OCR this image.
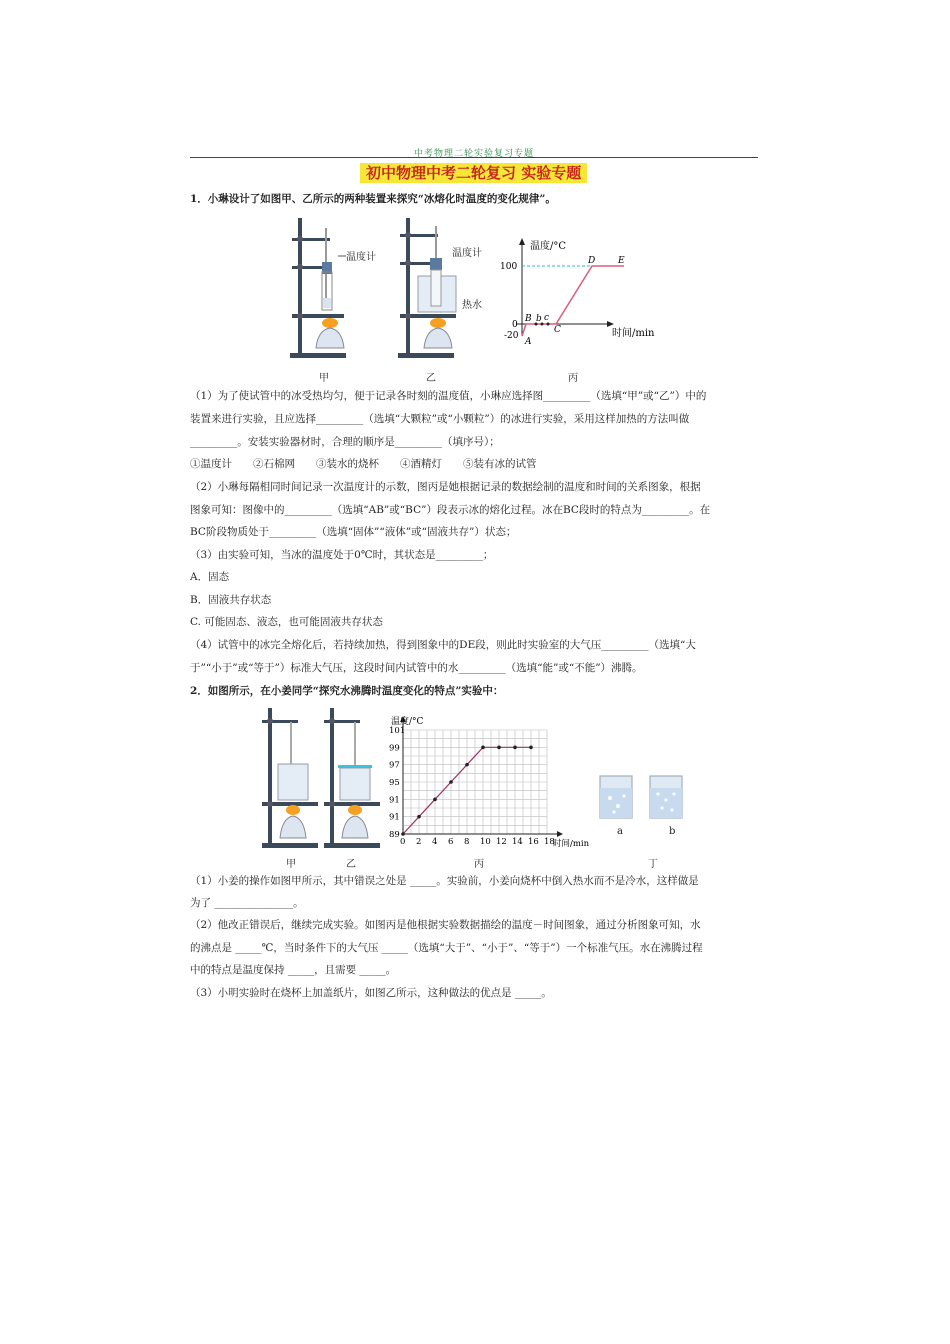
中考物理二轮实验复习专题
初中物理中考二轮复习 实验专题
1．小琳设计了如图甲、乙所示的两种装置来探究“冰熔化时温度的变化规律”。
温度计	温度计
热水
温度/°C
时间/min
100
0
-20
A
B b c
C
D	E
甲	乙	丙
（1）为了使试管中的冰受热均匀，便于记录各时刻的温度值，小琳应选择图_________（选填“甲”或“乙”）中的
装置来进行实验，且应选择_________（选填“大颗粒”或“小颗粒”）的冰进行实验，采用这样加热的方法叫做
_________。安装实验器材时，合理的顺序是_________（填序号）；
①温度计　　②石棉网　　③装水的烧杯　　④酒精灯　　⑤装有冰的试管
（2）小琳每隔相同时间记录一次温度计的示数，图丙是她根据记录的数据绘制的温度和时间的关系图象，根据
图象可知：图像中的_________（选填“AB”或“BC”）段表示冰的熔化过程。冰在BC段时的特点为_________。在
BC阶段物质处于_________（选填“固体”“液体”或“固液共存”）状态；
（3）由实验可知，当冰的温度处于0℃时，其状态是_________；
A．固态
B．固液共存状态
C. 可能固态、液态，也可能固液共存状态
（4）试管中的冰完全熔化后，若持续加热，得到图象中的DE段，则此时实验室的大气压_________（选填“大
于”“小于”或“等于”）标准大气压，这段时间内试管中的水_________（选填“能”或“不能”）沸腾。
2．如图所示，在小姜同学“探究水沸腾时温度变化的特点”实验中：
0 2 4 6 8 10 12 14 16 18
89
91
91
95
97
99
101
温度/°C
时间/min
a	b
甲	乙	丙	丁
（1）小姜的操作如图甲所示，其中错误之处是 _____。实验前，小姜向烧杯中倒入热水而不是冷水，这样做是
为了 _______________。
（2）他改正错误后，继续完成实验。如图丙是他根据实验数据描绘的温度－时间图象，通过分析图象可知，水
的沸点是 _____℃，当时条件下的大气压 _____（选填“大于”、“小于”、“等于”）一个标准气压。水在沸腾过程
中的特点是温度保持 _____，且需要 _____。
（3）小明实验时在烧杯上加盖纸片，如图乙所示，这种做法的优点是 _____。
